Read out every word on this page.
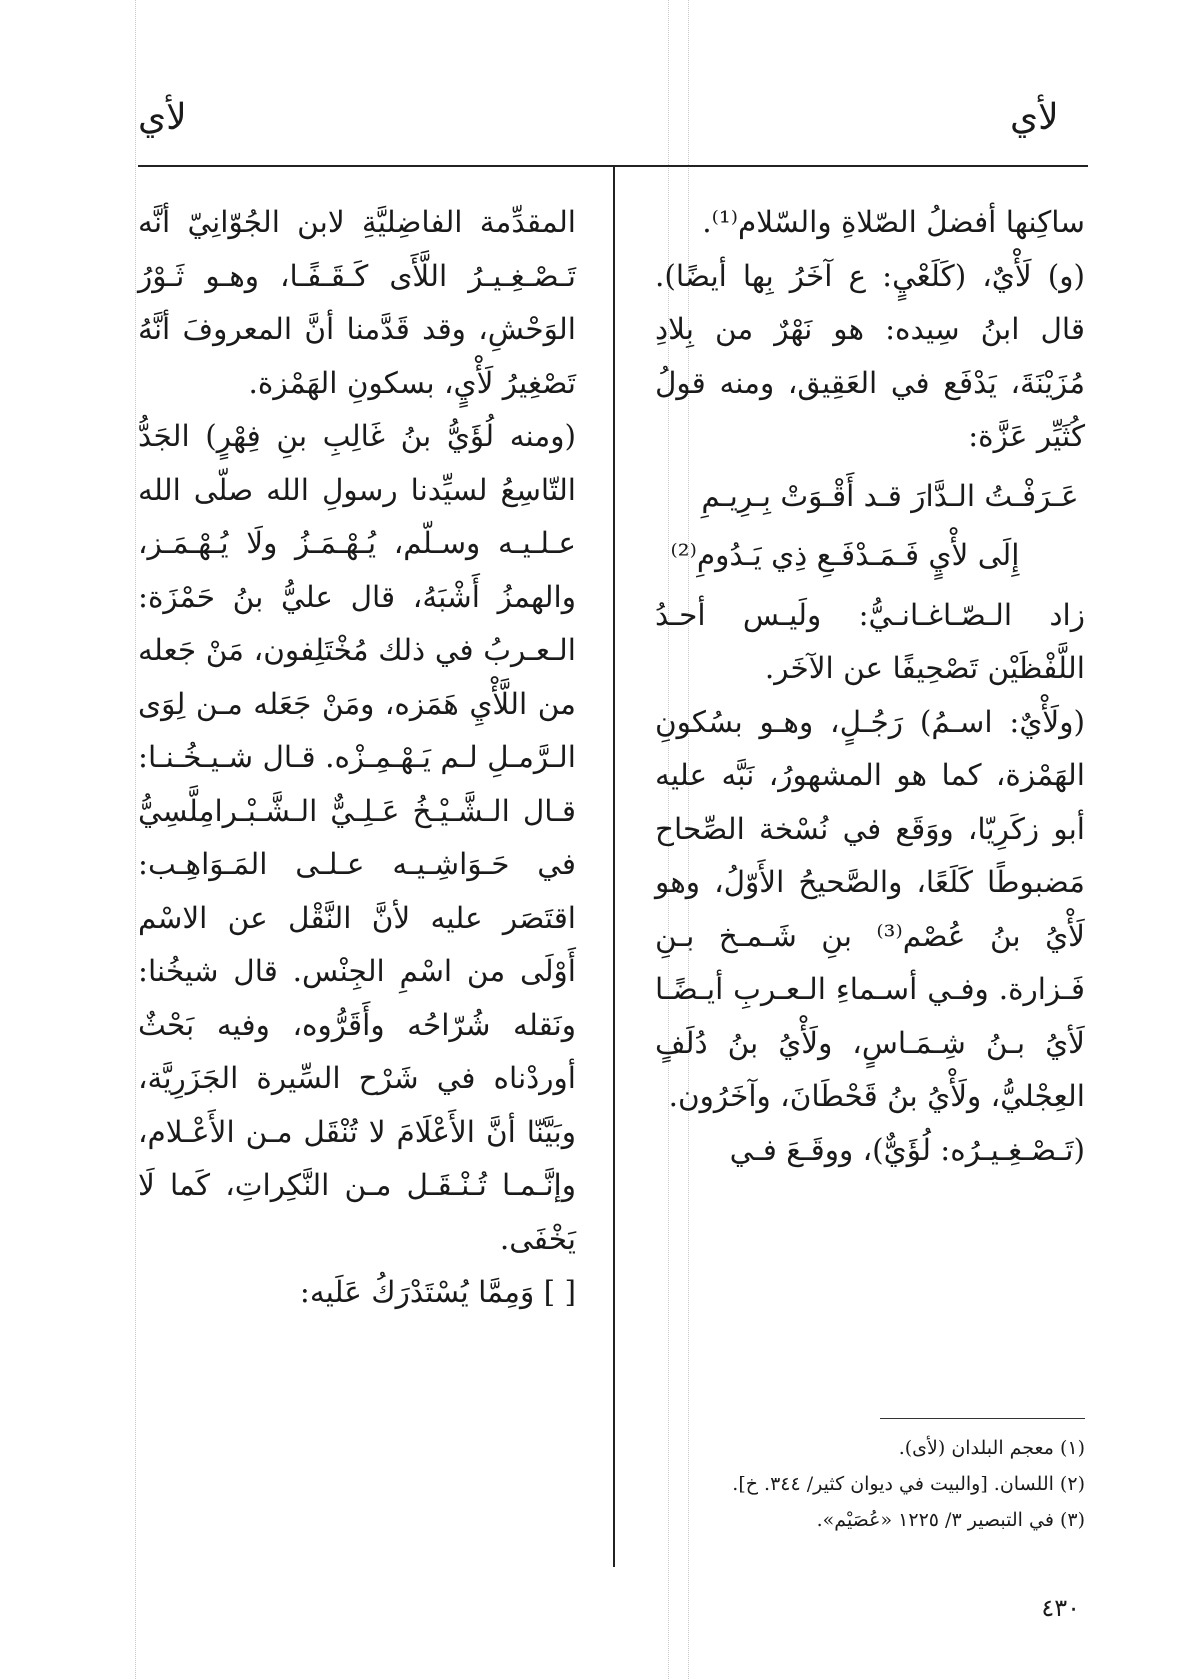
لأي
لأي

ساكِنها أفضلُ الصّلاةِ والسّلام⁽¹⁾.

(و) لَأْيٌ، (كَلَعْيٍ: ع آخَرُ بِها أيضًا). قال ابنُ سِيده: هو نَهْرٌ من بِلادِ مُزَيْنَةَ، يَدْفَع في العَقِيق، ومنه قولُ كُثَيِّر عَزَّة:

عَـرَفْـتُ الـدَّارَ قـد أَقْـوَتْ بِـرِيـمِ
إِلَى لأْيٍ فَـمَـدْفَـعِ ذِي يَـدُومِ⁽²⁾

زاد الـصّـاغـانـيُّ: ولَيـس أحـدُ اللَّفْظَيْن تَصْحِيفًا عن الآخَر.

(ولَأْيٌ: اسـمُ) رَجُـلٍ، وهـو بسُكونِ الهَمْزة، كما هو المشهورُ، نَبَّه عليه أبو زكَرِيّا، ووَقَع في نُسْخة الصِّحاح مَضبوطًا كَلَعًا، والصَّحيحُ الأَوّلُ، وهو لَأْيُ بنُ عُصْم⁽³⁾ بنِ شَـمـخ بـنِ فَـزارة. وفـي أسـماءِ الـعـربِ أيـضًـا لَأيُ بـنُ شِـمَـاسٍ، ولَأْيُ بنُ دُلَفٍ العِجْليُّ، ولَأْيُ بنُ قَحْطَانَ، وآخَرُون.

(تَـصْـغِـيـرُه: لُؤَيٌّ)، ووقَـعَ فـي

المقدِّمة الفاضِليَّةِ لابن الجُوّانِيّ أنَّه تَـصْـغِـيـرُ اللَّأَى كَـقَـفًـا، وهـو ثَـوْرُ الوَحْشِ، وقد قَدَّمنا أنَّ المعروفَ أنَّهُ تَصْغِيرُ لَأْيٍ، بسكونِ الهَمْزة.

(ومنه لُؤَيُّ بنُ غَالِبِ بنِ فِهْرٍ) الجَدُّ التّاسِعُ لسيِّدنا رسولِ الله صلّى الله عـلـيـه وسـلّم، يُـهْـمَـزُ ولَا يُـهْـمَـز، والهمزُ أَشْبَهُ، قال عليُّ بنُ حَمْزَة: الـعـربُ في ذلك مُخْتَلِفون، مَنْ جَعله من اللَّأْيِ هَمَزه، ومَنْ جَعَله مـن لِوَى الـرَّمـلِ لـم يَـهْـمِـزْه. قـال شـيـخُـنـا: قـال الـشَّـيْـخُ عَـلِـيٌّ الـشَّـبْـرامِلَّسِيُّ في حَـوَاشِـيـه عـلـى المَـوَاهِـب: اقتَصَر عليه لأنَّ النَّقْل عن الاسْم أَوْلَى من اسْمِ الجِنْس. قال شيخُنا: ونَقله شُرّاحُه وأَقَرُّوه، وفيه بَحْثٌ أوردْناه في شَرْح السِّيرة الجَزَرِيَّة، وبَيَّنّا أنَّ الأَعْلَامَ لا تُنْقَل مـن الأَعْـلام، وإنَّـمـا تُـنْـقَـل مـن النَّكِراتِ، كَما لَا يَخْفَى.

[ ] وَمِمَّا يُسْتَدْرَكُ عَلَيه:

(١) معجم البلدان (لأى).
(٢) اللسان. [والبيت في ديوان كثير/ ٣٤٤. خ].
(٣) في التبصير ٣/ ١٢٢٥ «عُصَيْم».
٤٣٠
